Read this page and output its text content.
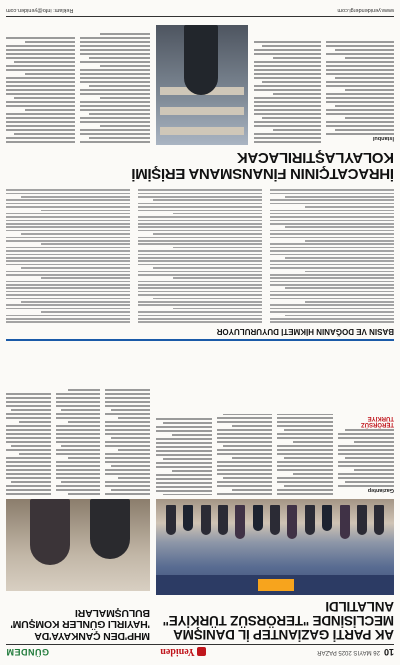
10
26 MAYIS 2025 PAZAR
Yeniden
GÜNDEM
AK PARTİ GAZİANTEP İL DANIŞMA MECLİSİNDE "TERÖRSÜZ TÜRKİYE" ANLATILDI
Gaziantep
TERÖRSÜZ TÜRKİYE
MHP'DEN ÇANKAYA'DA 'HAYIRLI GÜNLER KOMŞUM' BULUŞMALARI
BASIN VE DOĞANIN HİKMETİ DUYURULUYOR
İHRACATÇININ FİNANSMANA ERİŞİMİ KOLAYLAŞTIRILACAK
İstanbul
www.yenidendergi.com
Reklam: info@yeniden.com
